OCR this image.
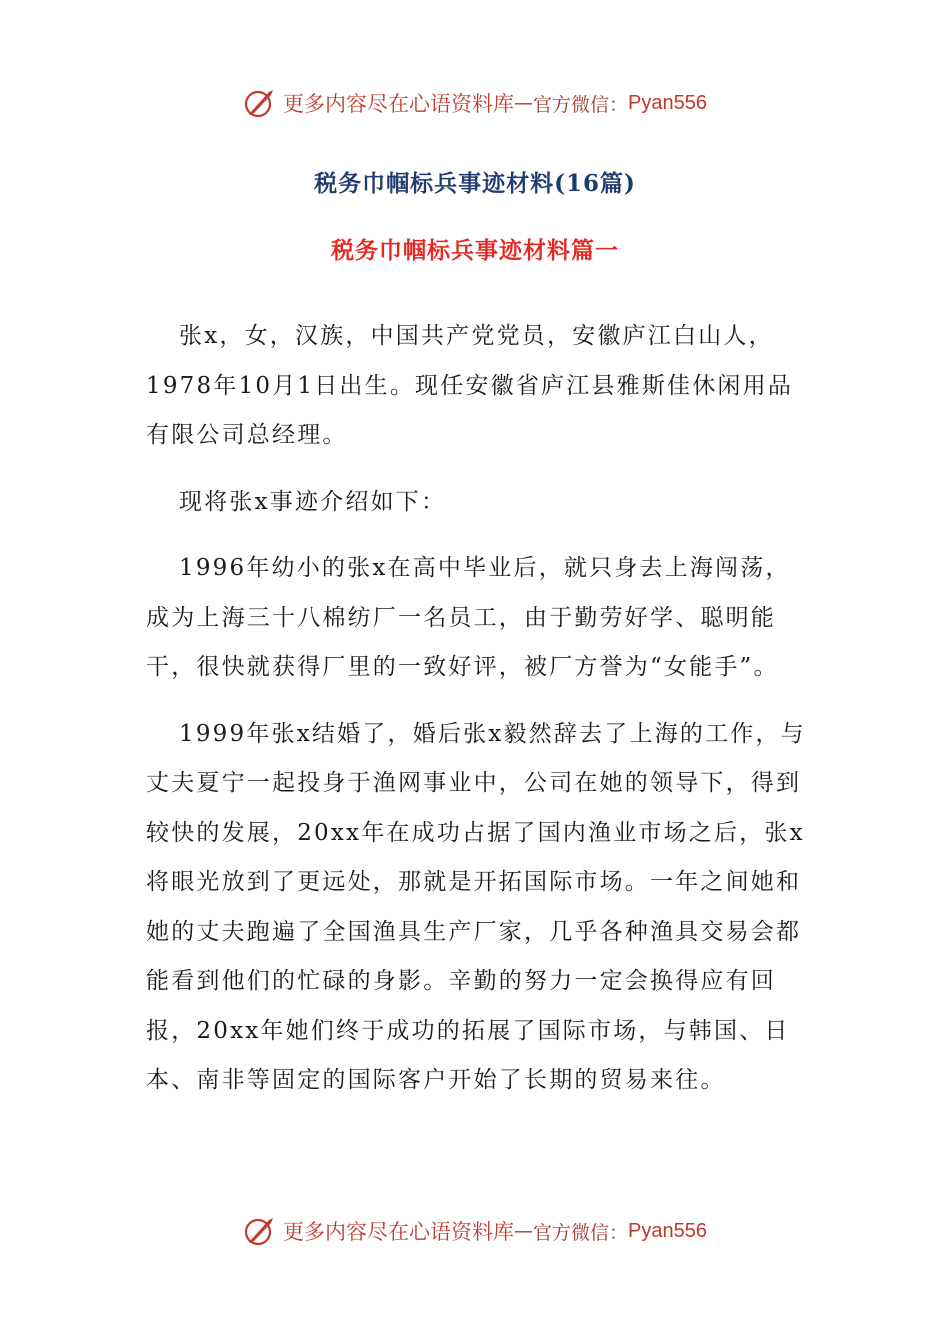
更多内容尽在心语资料库 — 官方微信： Pyan556
税务巾帼标兵事迹材料(16篇)
税务巾帼标兵事迹材料篇一

张x，女，汉族，中国共产党党员，安徽庐江白山人，1978年10月1日出生。现任安徽省庐江县雅斯佳休闲用品有限公司总经理。

现将张x事迹介绍如下：

1996年幼小的张x在高中毕业后，就只身去上海闯荡，成为上海三十八棉纺厂一名员工，由于勤劳好学、聪明能干，很快就获得厂里的一致好评，被厂方誉为“女能手”。

1999年张x结婚了，婚后张x毅然辞去了上海的工作，与丈夫夏宁一起投身于渔网事业中，公司在她的领导下，得到较快的发展，20xx年在成功占据了国内渔业市场之后，张x将眼光放到了更远处，那就是开拓国际市场。一年之间她和她的丈夫跑遍了全国渔具生产厂家，几乎各种渔具交易会都能看到他们的忙碌的身影。辛勤的努力一定会换得应有回报，20xx年她们终于成功的拓展了国际市场，与韩国、日本、南非等固定的国际客户开始了长期的贸易来往。

更多内容尽在心语资料库 — 官方微信： Pyan556
